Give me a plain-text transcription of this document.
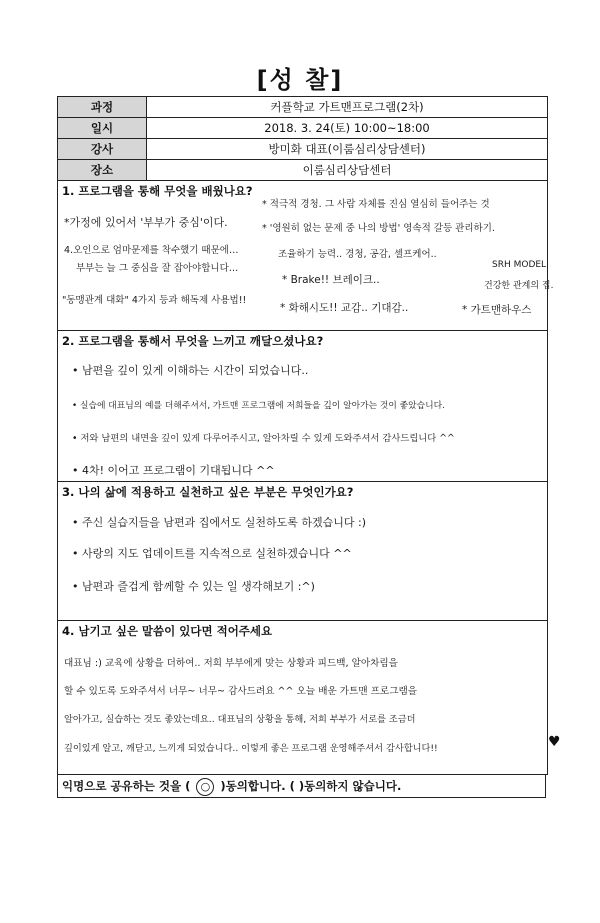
[성 찰]
과정	커플학교 가트맨프로그램(2차)
일시	2018. 3. 24(토) 10:00~18:00
강사	방미화 대표(이룸심리상담센터)
장소	이룸심리상담센터
1. 프로그램을 통해 무엇을 배웠나요?
*가정에 있어서 '부부가 중심'이다.
4.오인으로 엄마문제를 착수했기 때문에…
부부는 늘 그 중심을 잘 잡아야합니다…
"동맹관계 대화" 4가지 등과 해독제 사용법!!
* 적극적 경청. 그 사람 자체를 진심 열심히 들어주는 것
* '영원히 없는 문제 중 나의 방법' 영속적 갈등 관리하기.
조율하기 능력.. 경청, 공감, 셀프케어..
* Brake!! 브레이크..
* 화해시도!! 교감.. 기대감..
SRH MODEL
건강한 관계의 집.
* 가트맨하우스
2. 프로그램을 통해서 무엇을 느끼고 깨달으셨나요?
• 남편을 깊이 있게 이해하는 시간이 되었습니다..
• 실습에 대표님의 예를 더해주셔서, 가트맨 프로그램에 저희들을 깊이 알아가는 것이 좋았습니다.
• 저와 남편의 내면을 깊이 있게 다루어주시고, 알아차릴 수 있게 도와주셔서 감사드립니다 ^^
• 4차! 이어고 프로그램이 기대됩니다 ^^
3. 나의 삶에 적용하고 실천하고 싶은 부분은 무엇인가요?
• 주신 실습지들을 남편과 집에서도 실천하도록 하겠습니다 :)
• 사랑의 지도 업데이트를 지속적으로 실천하겠습니다 ^^
• 남편과 즐겁게 함께할 수 있는 일 생각해보기 :^)
4. 남기고 싶은 말씀이 있다면 적어주세요
대표님 :) 교육에 상황을 더하여.. 저희 부부에게 맞는 상황과 피드백, 알아차림을
할 수 있도록 도와주셔서 너무~ 너무~ 감사드려요 ^^ 오늘 배운 가트맨 프로그램을
알아가고, 실습하는 것도 좋았는데요.. 대표님의 상황을 통해, 저희 부부가 서로를 조금더
깊이있게 알고, 깨닫고, 느끼게 되었습니다.. 이렇게 좋은 프로그램 운영해주셔서 감사합니다!!	♥
익명으로 공유하는 것을 ( ○ )동의합니다. ( )동의하지 않습니다.
